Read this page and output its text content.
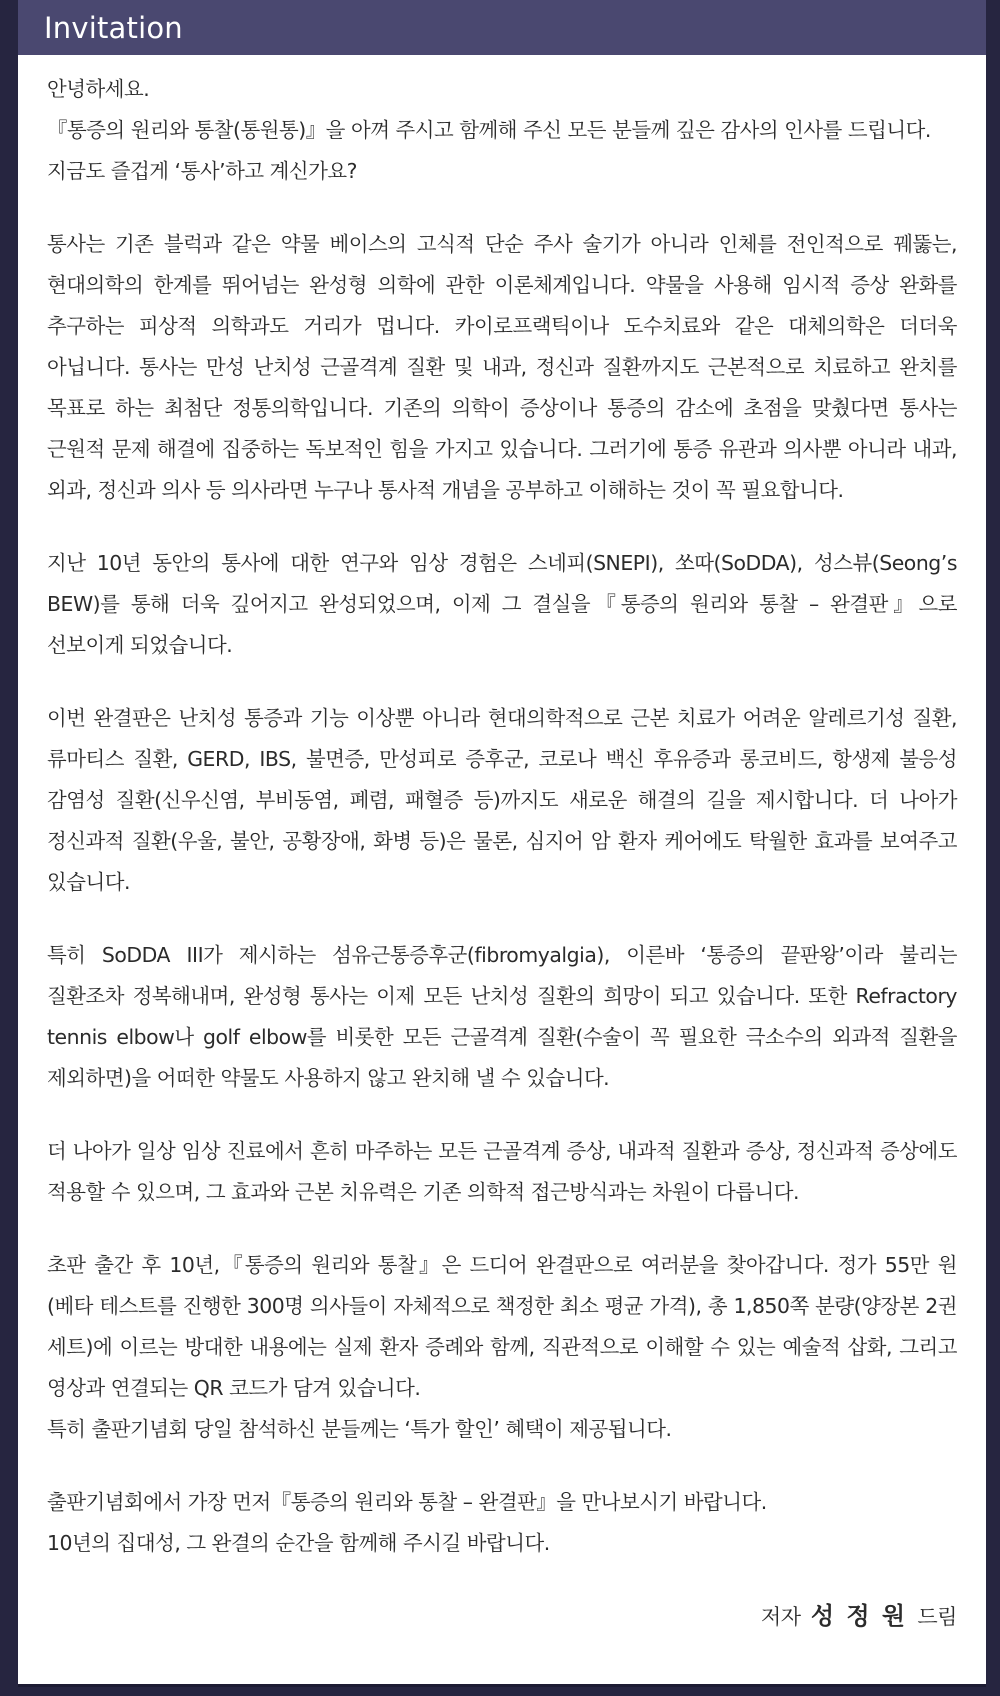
Invitation
안녕하세요.
『통증의 원리와 통찰(통원통)』을 아껴 주시고 함께해 주신 모든 분들께 깊은 감사의 인사를 드립니다.
지금도 즐겁게 ‘통사’하고 계신가요?
통사는 기존 블럭과 같은 약물 베이스의 고식적 단순 주사 술기가 아니라 인체를 전인적으로 꿰뚫는, 현대의학의 한계를 뛰어넘는 완성형 의학에 관한 이론체계입니다. 약물을 사용해 임시적 증상 완화를 추구하는 피상적 의학과도 거리가 멉니다. 카이로프랙틱이나 도수치료와 같은 대체의학은 더더욱 아닙니다. 통사는 만성 난치성 근골격계 질환 및 내과, 정신과 질환까지도 근본적으로 치료하고 완치를 목표로 하는 최첨단 정통의학입니다. 기존의 의학이 증상이나 통증의 감소에 초점을 맞췄다면 통사는 근원적 문제 해결에 집중하는 독보적인 힘을 가지고 있습니다. 그러기에 통증 유관과 의사뿐 아니라 내과, 외과, 정신과 의사 등 의사라면 누구나 통사적 개념을 공부하고 이해하는 것이 꼭 필요합니다.
지난 10년 동안의 통사에 대한 연구와 임상 경험은 스네피(SNEPI), 쏘따(SoDDA), 성스뷰(Seong’s BEW)를 통해 더욱 깊어지고 완성되었으며, 이제 그 결실을『통증의 원리와 통찰 – 완결판』으로 선보이게 되었습니다.
이번 완결판은 난치성 통증과 기능 이상뿐 아니라 현대의학적으로 근본 치료가 어려운 알레르기성 질환, 류마티스 질환, GERD, IBS, 불면증, 만성피로 증후군, 코로나 백신 후유증과 롱코비드, 항생제 불응성 감염성 질환(신우신염, 부비동염, 폐렴, 패혈증 등)까지도 새로운 해결의 길을 제시합니다. 더 나아가 정신과적 질환(우울, 불안, 공황장애, 화병 등)은 물론, 심지어 암 환자 케어에도 탁월한 효과를 보여주고 있습니다.
특히 SoDDA III가 제시하는 섬유근통증후군(fibromyalgia), 이른바 ‘통증의 끝판왕’이라 불리는 질환조차 정복해내며, 완성형 통사는 이제 모든 난치성 질환의 희망이 되고 있습니다. 또한 Refractory tennis elbow나 golf elbow를 비롯한 모든 근골격계 질환(수술이 꼭 필요한 극소수의 외과적 질환을 제외하면)을 어떠한 약물도 사용하지 않고 완치해 낼 수 있습니다.
더 나아가 일상 임상 진료에서 흔히 마주하는 모든 근골격계 증상, 내과적 질환과 증상, 정신과적 증상에도 적용할 수 있으며, 그 효과와 근본 치유력은 기존 의학적 접근방식과는 차원이 다릅니다.
초판 출간 후 10년,『통증의 원리와 통찰』은 드디어 완결판으로 여러분을 찾아갑니다. 정가 55만 원(베타 테스트를 진행한 300명 의사들이 자체적으로 책정한 최소 평균 가격), 총 1,850쪽 분량(양장본 2권 세트)에 이르는 방대한 내용에는 실제 환자 증례와 함께, 직관적으로 이해할 수 있는 예술적 삽화, 그리고 영상과 연결되는 QR 코드가 담겨 있습니다.
특히 출판기념회 당일 참석하신 분들께는 ‘특가 할인’ 혜택이 제공됩니다.
출판기념회에서 가장 먼저『통증의 원리와 통찰 – 완결판』을 만나보시기 바랍니다.
10년의 집대성, 그 완결의 순간을 함께해 주시길 바랍니다.
저자 성 정 원 드림
